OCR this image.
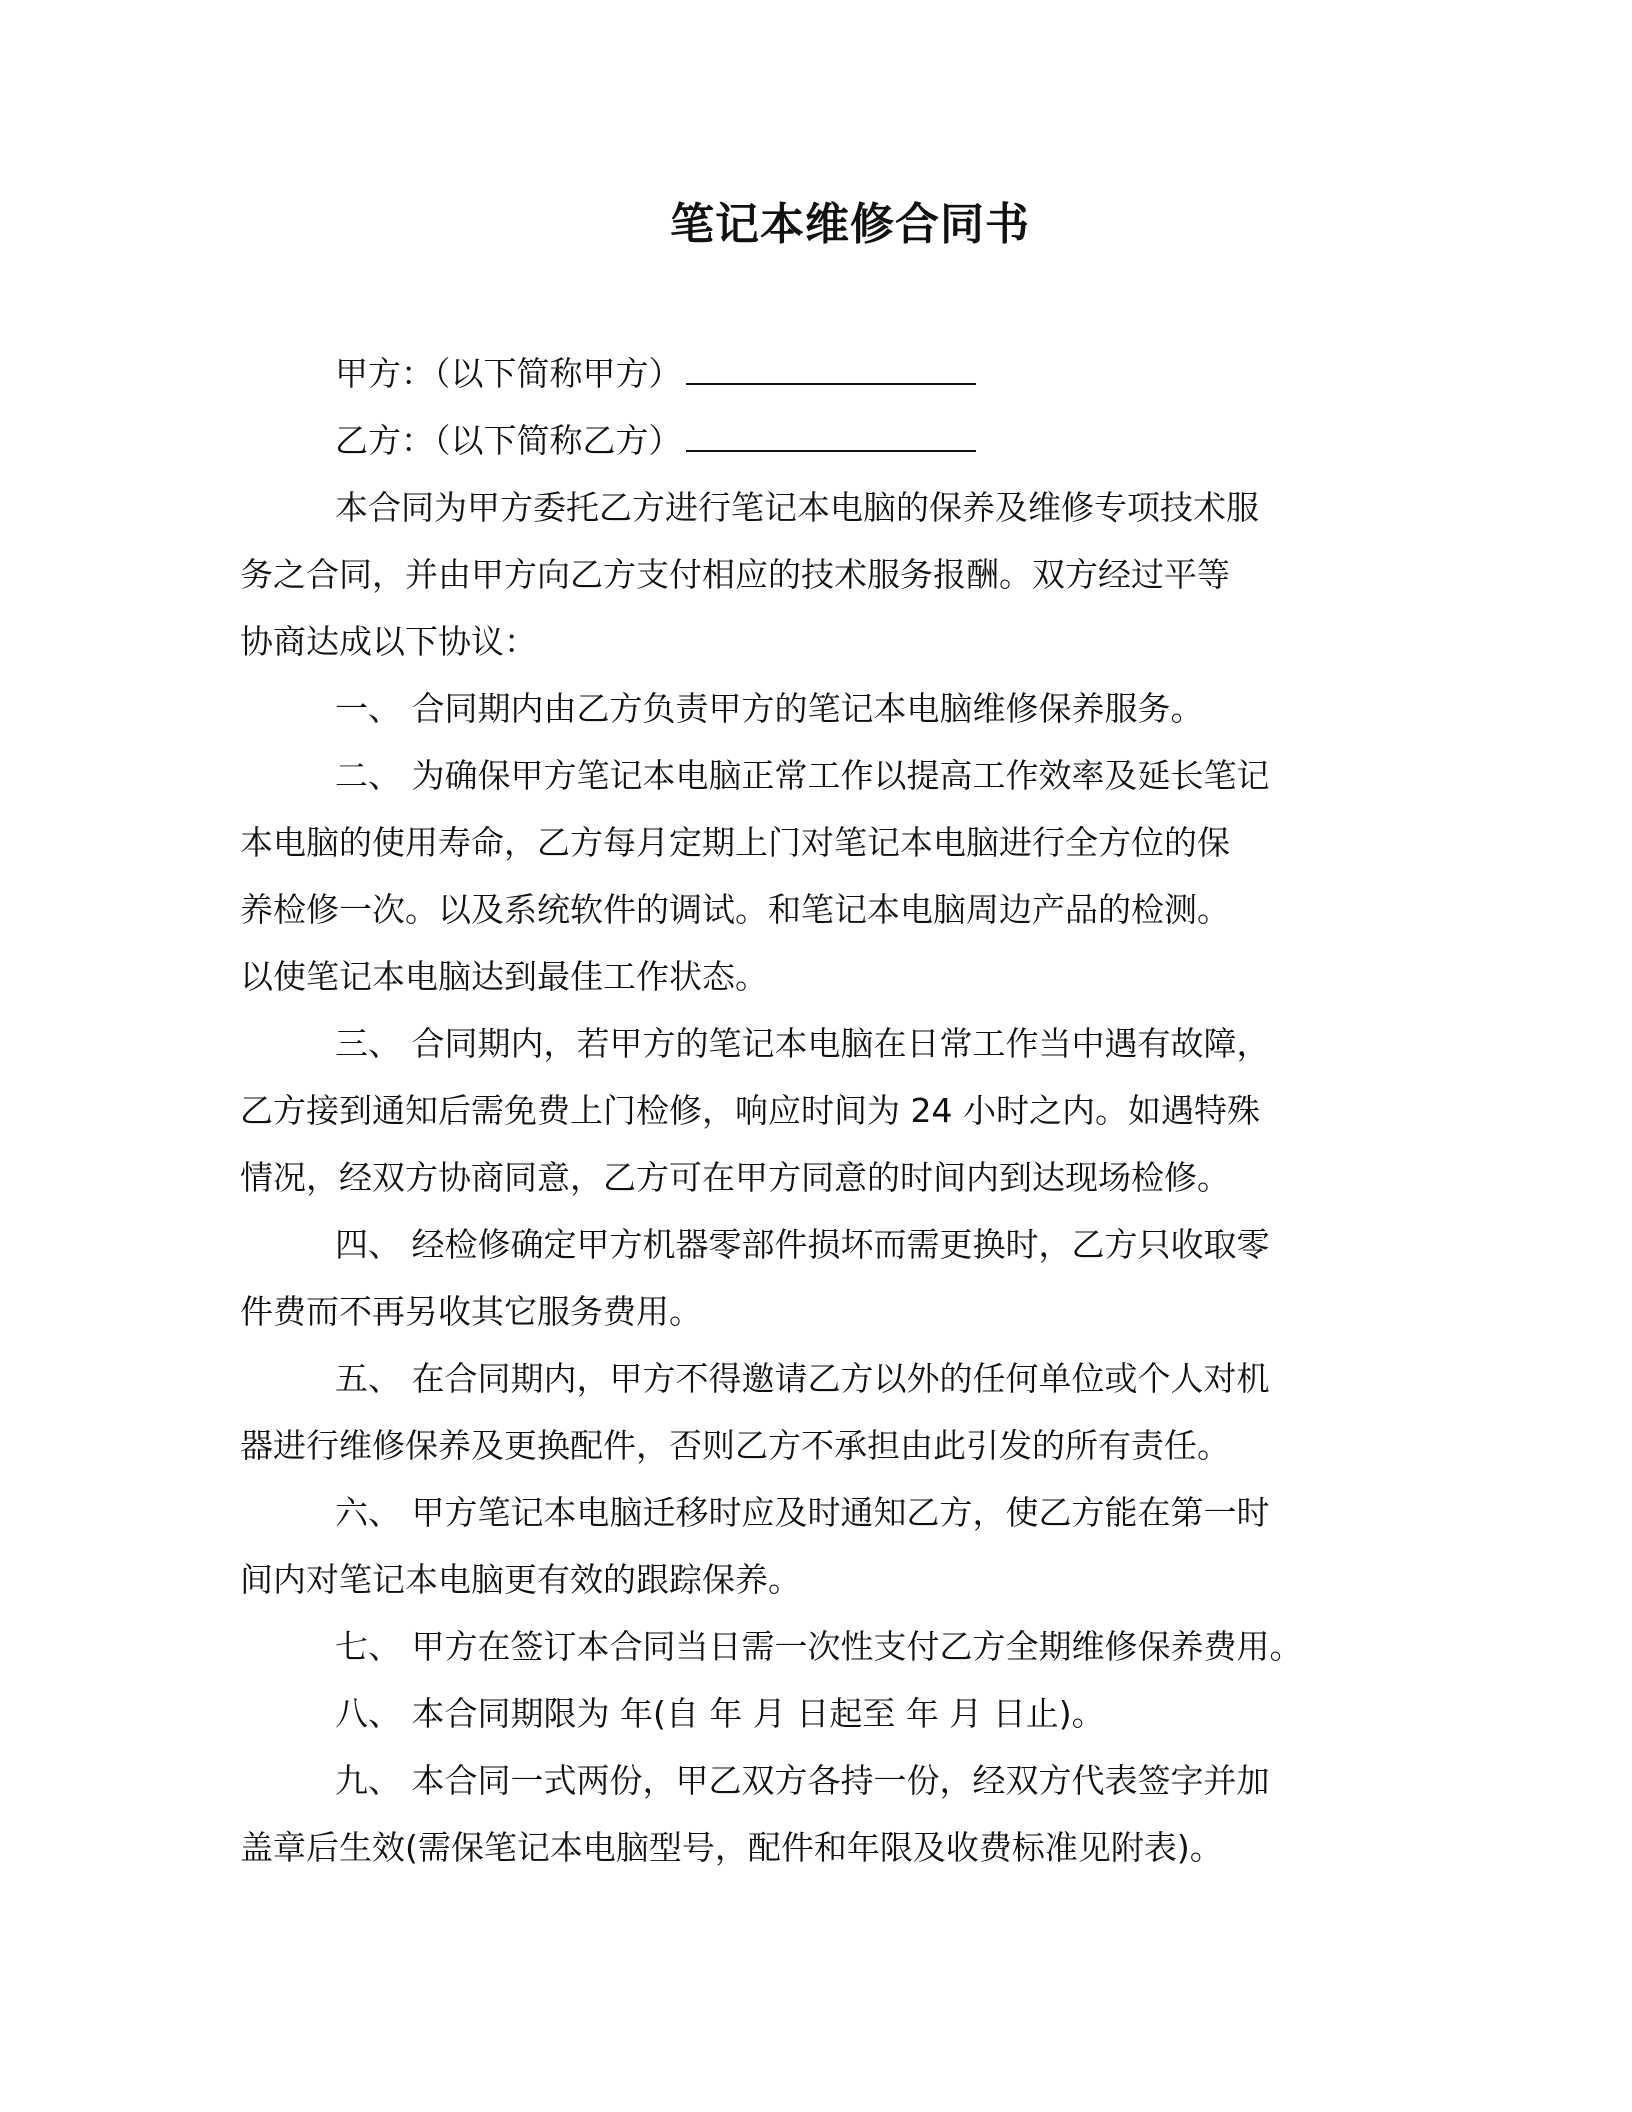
笔记本维修合同书
甲方：（以下简称甲方）
乙方：（以下简称乙方）
本合同为甲方委托乙方进行笔记本电脑的保养及维修专项技术服
务之合同，并由甲方向乙方支付相应的技术服务报酬。双方经过平等
协商达成以下协议：
一、 合同期内由乙方负责甲方的笔记本电脑维修保养服务。
二、 为确保甲方笔记本电脑正常工作以提高工作效率及延长笔记
本电脑的使用寿命，乙方每月定期上门对笔记本电脑进行全方位的保
养检修一次。以及系统软件的调试。和笔记本电脑周边产品的检测。
以使笔记本电脑达到最佳工作状态。
三、 合同期内，若甲方的笔记本电脑在日常工作当中遇有故障，
乙方接到通知后需免费上门检修，响应时间为 24 小时之内。如遇特殊
情况，经双方协商同意，乙方可在甲方同意的时间内到达现场检修。
四、 经检修确定甲方机器零部件损坏而需更换时，乙方只收取零
件费而不再另收其它服务费用。
五、 在合同期内，甲方不得邀请乙方以外的任何单位或个人对机
器进行维修保养及更换配件，否则乙方不承担由此引发的所有责任。
六、 甲方笔记本电脑迁移时应及时通知乙方，使乙方能在第一时
间内对笔记本电脑更有效的跟踪保养。
七、 甲方在签订本合同当日需一次性支付乙方全期维修保养费用。
八、 本合同期限为 年(自 年 月 日起至 年 月 日止)。
九、 本合同一式两份，甲乙双方各持一份，经双方代表签字并加
盖章后生效(需保笔记本电脑型号，配件和年限及收费标准见附表)。
